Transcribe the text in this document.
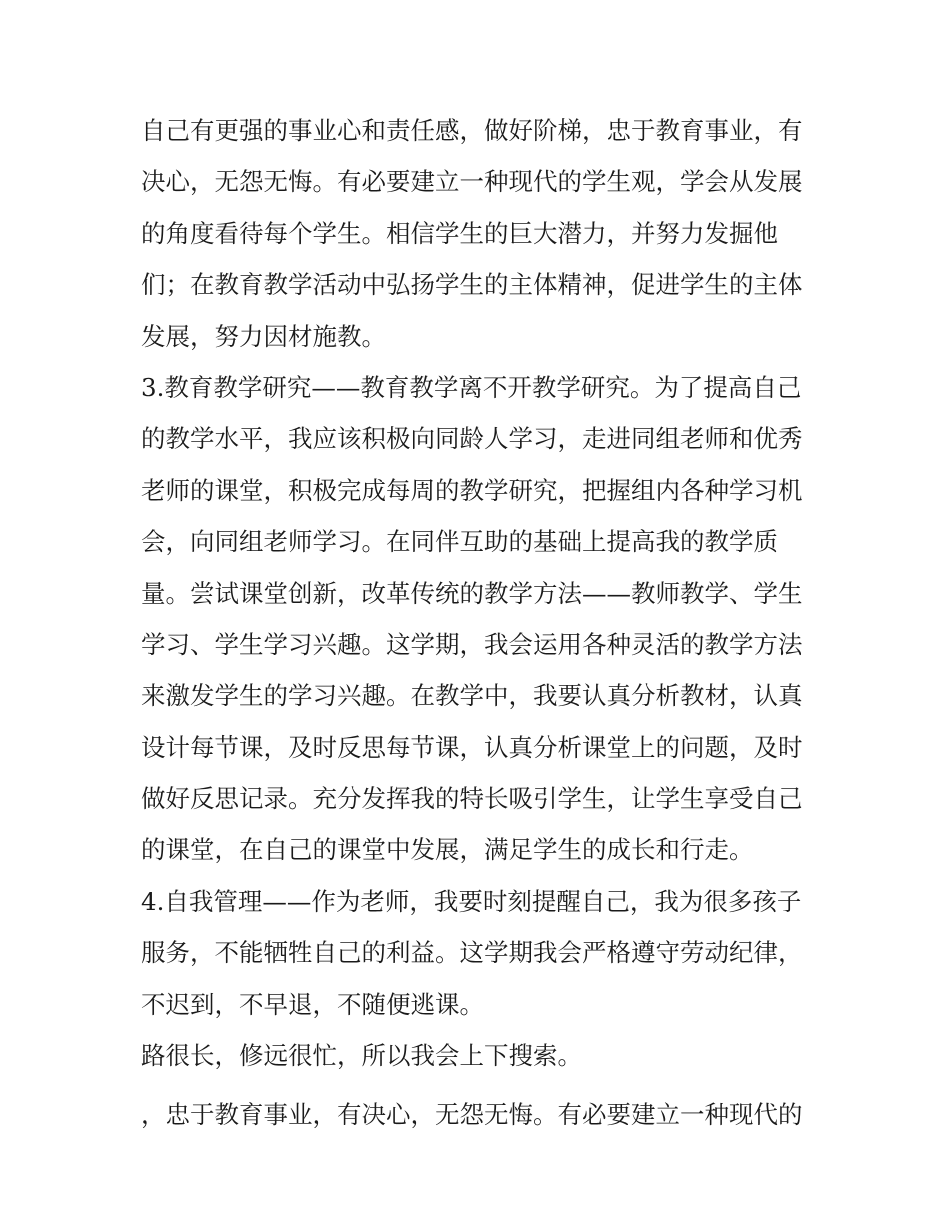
自己有更强的事业心和责任感，做好阶梯，忠于教育事业，有
决心，无怨无悔。有必要建立一种现代的学生观，学会从发展
的角度看待每个学生。相信学生的巨大潜力，并努力发掘他
们；在教育教学活动中弘扬学生的主体精神，促进学生的主体
发展，努力因材施教。
3.教育教学研究——教育教学离不开教学研究。为了提高自己
的教学水平，我应该积极向同龄人学习，走进同组老师和优秀
老师的课堂，积极完成每周的教学研究，把握组内各种学习机
会，向同组老师学习。在同伴互助的基础上提高我的教学质
量。尝试课堂创新，改革传统的教学方法——教师教学、学生
学习、学生学习兴趣。这学期，我会运用各种灵活的教学方法
来激发学生的学习兴趣。在教学中，我要认真分析教材，认真
设计每节课，及时反思每节课，认真分析课堂上的问题，及时
做好反思记录。充分发挥我的特长吸引学生，让学生享受自己
的课堂，在自己的课堂中发展，满足学生的成长和行走。
4.自我管理——作为老师，我要时刻提醒自己，我为很多孩子
服务，不能牺牲自己的利益。这学期我会严格遵守劳动纪律，
不迟到，不早退，不随便逃课。
路很长，修远很忙，所以我会上下搜索。
，忠于教育事业，有决心，无怨无悔。有必要建立一种现代的
